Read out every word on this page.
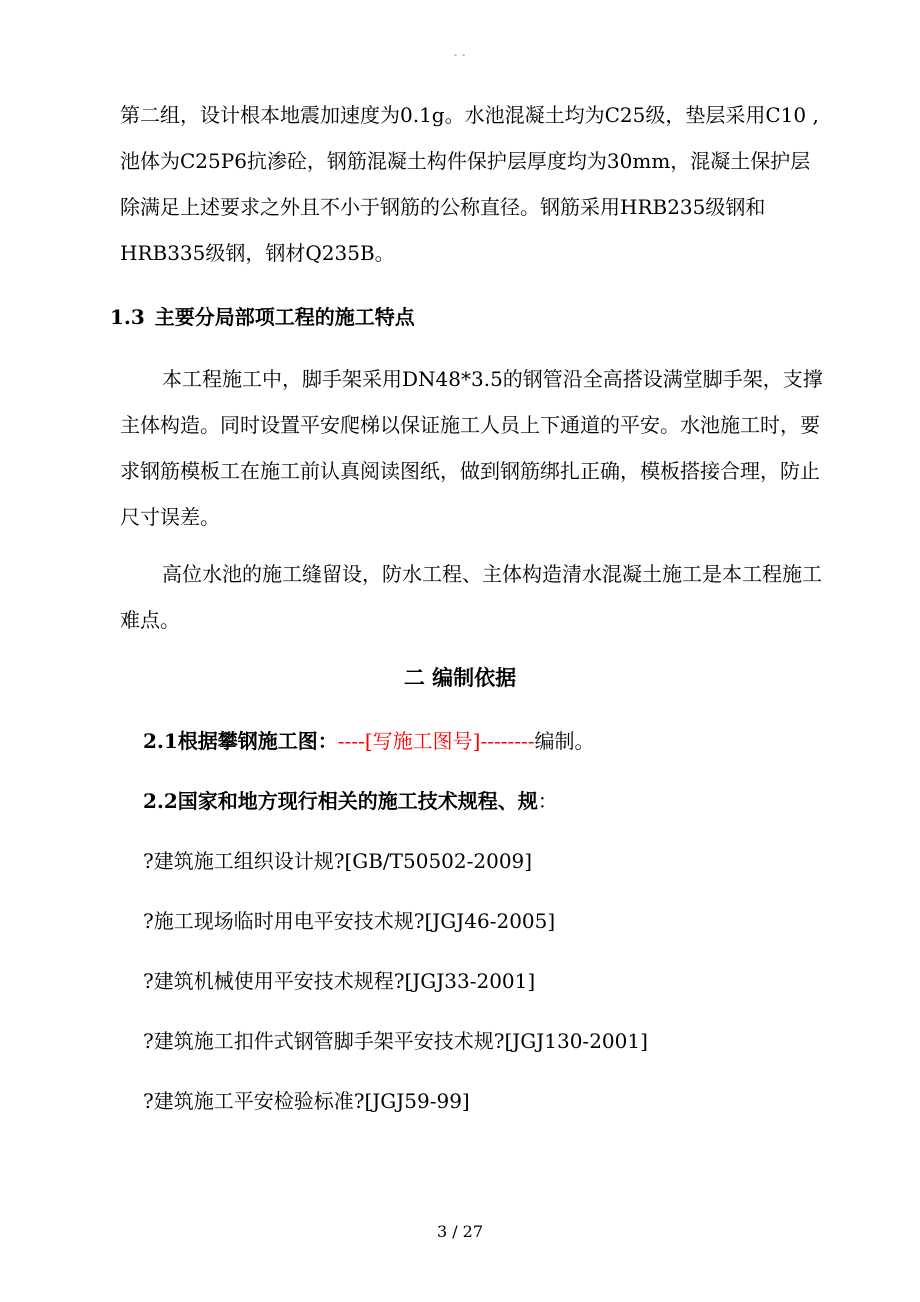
- -

第二组，设计根本地震加速度为0.1g。水池混凝土均为C25级，垫层采用C10 ,池体为C25P6抗渗砼，钢筋混凝土构件保护层厚度均为30mm，混凝土保护层除满足上述要求之外且不小于钢筋的公称直径。钢筋采用HRB235级钢和HRB335级钢，钢材Q235B。

1.3 主要分局部项工程的施工特点

本工程施工中，脚手架采用DN48*3.5的钢管沿全高搭设满堂脚手架，支撑主体构造。同时设置平安爬梯以保证施工人员上下通道的平安。水池施工时，要求钢筋模板工在施工前认真阅读图纸，做到钢筋绑扎正确，模板搭接合理，防止尺寸误差。

高位水池的施工缝留设，防水工程、主体构造清水混凝土施工是本工程施工难点。

二 编制依据

2.1根据攀钢施工图：----[写施工图号]--------编制。

2.2国家和地方现行相关的施工技术规程、规：

?建筑施工组织设计规?[GB/T50502-2009]

?施工现场临时用电平安技术规?[JGJ46-2005]

?建筑机械使用平安技术规程?[JGJ33-2001]

?建筑施工扣件式钢管脚手架平安技术规?[JGJ130-2001]

?建筑施工平安检验标准?[JGJ59-99]

3 / 27
